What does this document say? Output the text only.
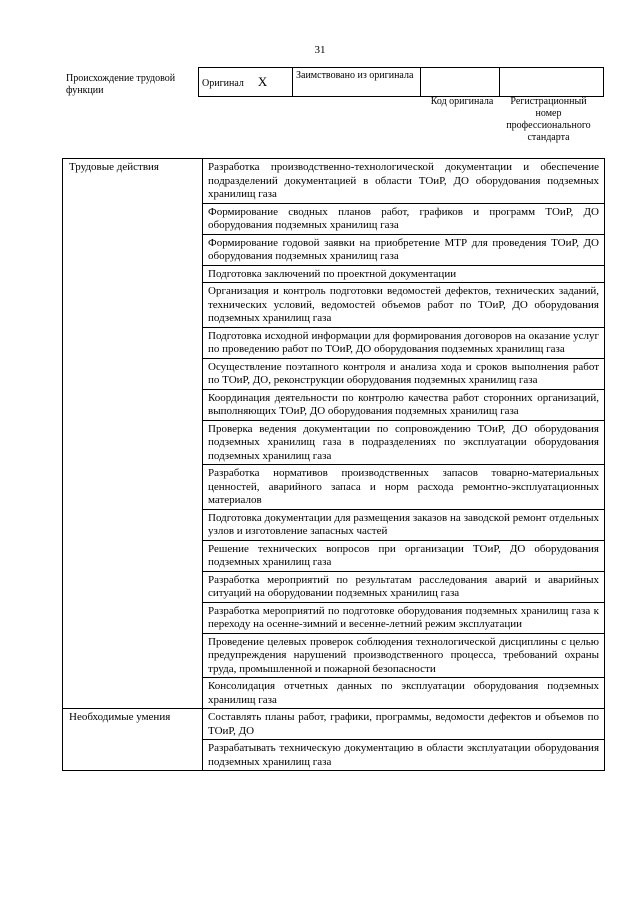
31
Происхождение трудовой функции
Оригинал X	Заимствовано из оригинала		
Код оригинала	Регистрационный номер профессионального стандарта
Трудовые действия	Разработка производственно-технологической документации и обеспечение подразделений документацией в области ТОиР, ДО оборудования подземных хранилищ газа
	Формирование сводных планов работ, графиков и программ ТОиР, ДО оборудования подземных хранилищ газа
	Формирование годовой заявки на приобретение МТР для проведения ТОиР, ДО оборудования подземных хранилищ газа
	Подготовка заключений по проектной документации
	Организация и контроль подготовки ведомостей дефектов, технических заданий, технических условий, ведомостей объемов работ по ТОиР, ДО оборудования подземных хранилищ газа
	Подготовка исходной информации для формирования договоров на оказание услуг по проведению работ по ТОиР, ДО оборудования подземных хранилищ газа
	Осуществление поэтапного контроля и анализа хода и сроков выполнения работ по ТОиР, ДО, реконструкции оборудования подземных хранилищ газа
	Координация деятельности по контролю качества работ сторонних организаций, выполняющих ТОиР, ДО оборудования подземных хранилищ газа
	Проверка ведения документации по сопровождению ТОиР, ДО оборудования подземных хранилищ газа в подразделениях по эксплуатации оборудования подземных хранилищ газа
	Разработка нормативов производственных запасов товарно-материальных ценностей, аварийного запаса и норм расхода ремонтно-эксплуатационных материалов
	Подготовка документации для размещения заказов на заводской ремонт отдельных узлов и изготовление запасных частей
	Решение технических вопросов при организации ТОиР, ДО оборудования подземных хранилищ газа
	Разработка мероприятий по результатам расследования аварий и аварийных ситуаций на оборудовании подземных хранилищ газа
	Разработка мероприятий по подготовке оборудования подземных хранилищ газа к переходу на осенне-зимний и весенне-летний режим эксплуатации
	Проведение целевых проверок соблюдения технологической дисциплины с целью предупреждения нарушений производственного процесса, требований охраны труда, промышленной и пожарной безопасности
	Консолидация отчетных данных по эксплуатации оборудования подземных хранилищ газа
Необходимые умения	Составлять планы работ, графики, программы, ведомости дефектов и объемов по ТОиР, ДО
	Разрабатывать техническую документацию в области эксплуатации оборудования подземных хранилищ газа
